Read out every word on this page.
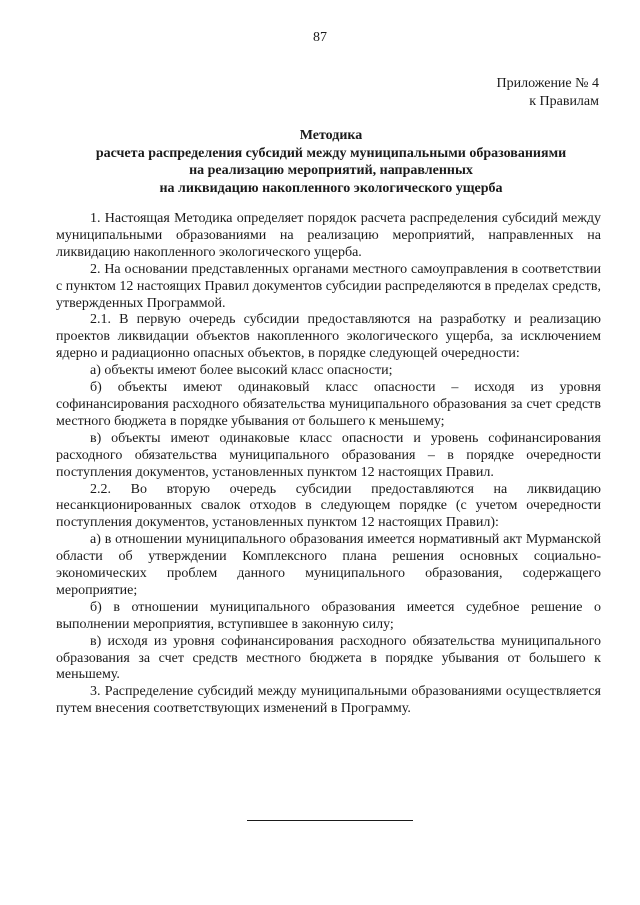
87
Приложение № 4
к Правилам
Методика
расчета распределения субсидий между муниципальными образованиями
на реализацию мероприятий, направленных
на ликвидацию накопленного экологического ущерба

1. Настоящая Методика определяет порядок расчета распределения субсидий между муниципальными образованиями на реализацию мероприятий, направленных на ликвидацию накопленного экологического ущерба.

2. На основании представленных органами местного самоуправления в соответствии с пунктом 12 настоящих Правил документов субсидии распределяются в пределах средств, утвержденных Программой.

2.1. В первую очередь субсидии предоставляются на разработку и реализацию проектов ликвидации объектов накопленного экологического ущерба, за исключением ядерно и радиационно опасных объектов, в порядке следующей очередности:

а) объекты имеют более высокий класс опасности;

б) объекты имеют одинаковый класс опасности – исходя из уровня софинансирования расходного обязательства муниципального образования за счет средств местного бюджета в порядке убывания от большего к меньшему;

в) объекты имеют одинаковые класс опасности и уровень софинансирования расходного обязательства муниципального образования – в порядке очередности поступления документов, установленных пунктом 12 настоящих Правил.

2.2. Во вторую очередь субсидии предоставляются на ликвидацию несанкционированных свалок отходов в следующем порядке (с учетом очередности поступления документов, установленных пунктом 12 настоящих Правил):

а) в отношении муниципального образования имеется нормативный акт Мурманской области об утверждении Комплексного плана решения основных социально-экономических проблем данного муниципального образования, содержащего мероприятие;

б) в отношении муниципального образования имеется судебное решение о выполнении мероприятия, вступившее в законную силу;

в) исходя из уровня софинансирования расходного обязательства муниципального образования за счет средств местного бюджета в порядке убывания от большего к меньшему.

3. Распределение субсидий между муниципальными образованиями осуществляется путем внесения соответствующих изменений в Программу.
